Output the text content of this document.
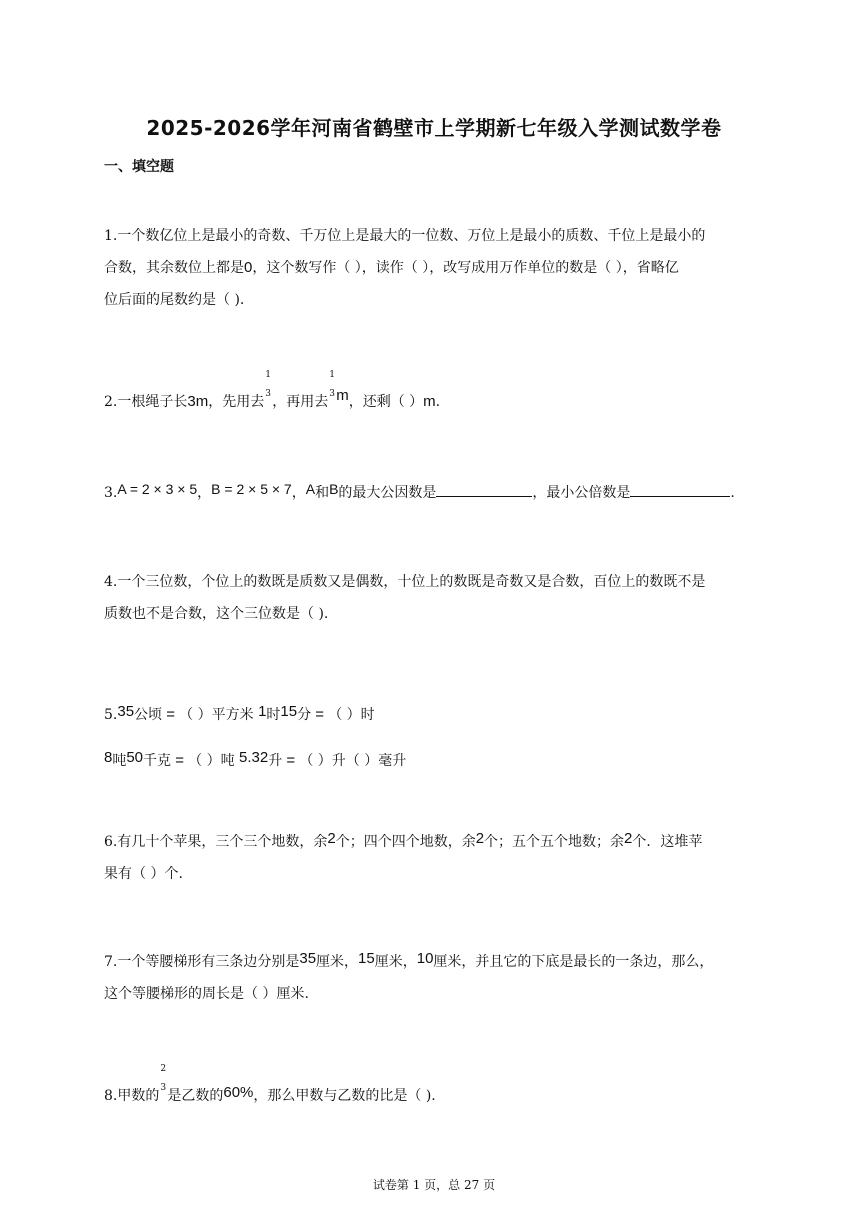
2025-2026学年河南省鹤壁市上学期新七年级入学测试数学卷
一、填空题
1.一个数亿位上是最小的奇数、千万位上是最大的一位数、万位上是最小的质数、千位上是最小的
合数，其余数位上都是0，这个数写作（ ），读作（ ），改写成用万作单位的数是（ ），省略亿
位后面的尾数约是（ ).
2.一根绳子长3m，先用去
1
3 ，再用去
1
3 m，还剩（ ）m.
3.A = 2 × 3 × 5，B = 2 × 5 × 7，A和B的最大公因数是	，最小公倍数是	.
4.一个三位数，个位上的数既是质数又是偶数，十位上的数既是奇数又是合数，百位上的数既不是
质数也不是合数，这个三位数是（ ).
5.35公顷 = （ ）平方米 1时15分 = （ ）时
8吨50千克 = （ ）吨 5.32升 = （ ）升（ ）毫升
6.有几十个苹果，三个三个地数，余2个；四个四个地数，余2个；五个五个地数；余2个．这堆苹
果有（ ）个.
7.一个等腰梯形有三条边分别是35厘米，15厘米，10厘米，并且它的下底是最长的一条边，那么，
这个等腰梯形的周长是（ ）厘米.
8.甲数的
2
3 是乙数的60%，那么甲数与乙数的比是（ ).
试卷第 1 页，总 27 页
